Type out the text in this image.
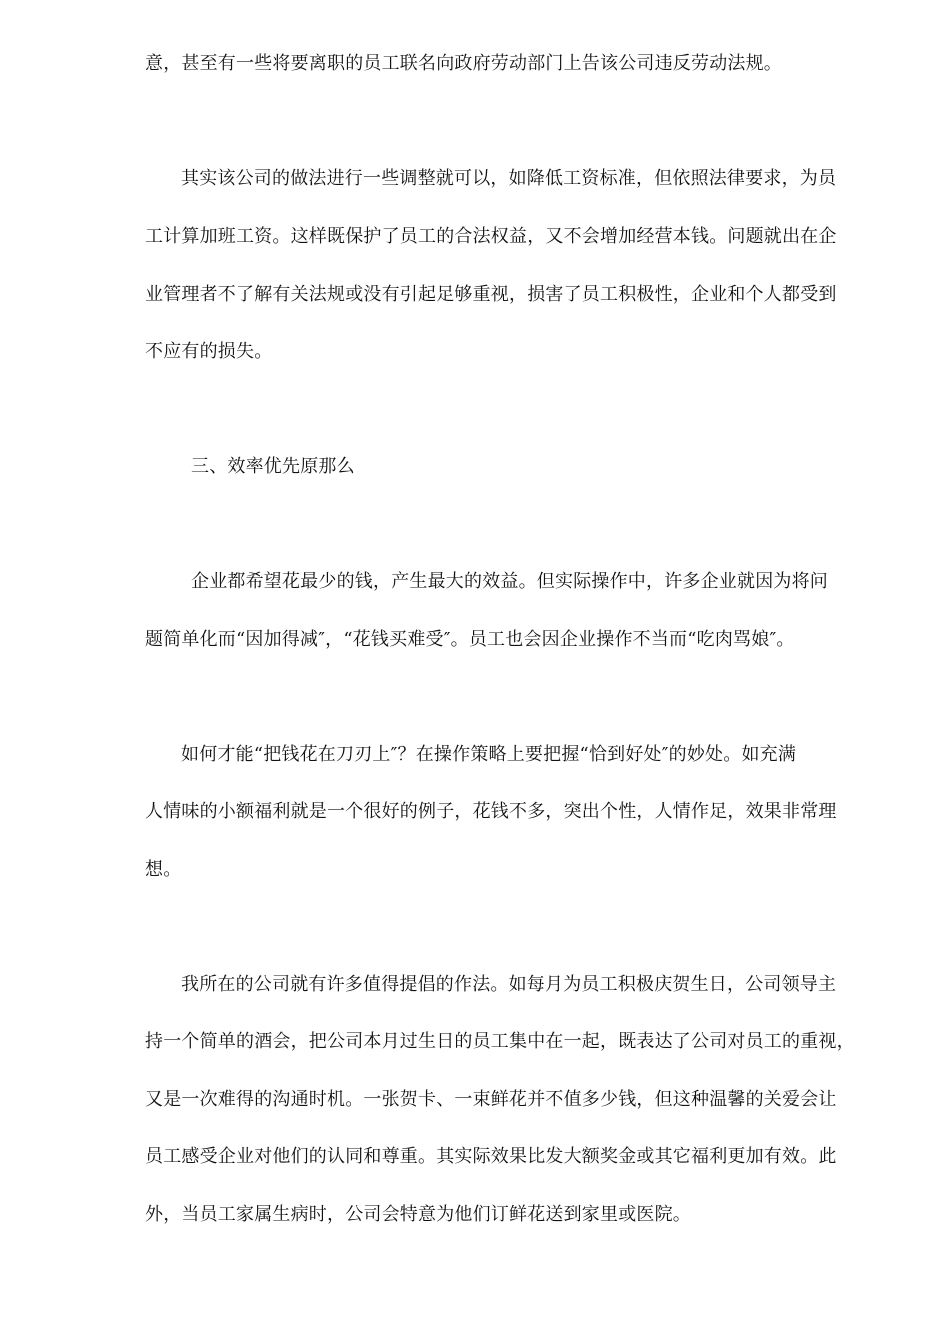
意，甚至有一些将要离职的员工联名向政府劳动部门上告该公司违反劳动法规。
其实该公司的做法进行一些调整就可以，如降低工资标准，但依照法律要求，为员
工计算加班工资。这样既保护了员工的合法权益，又不会增加经营本钱。问题就出在企
业管理者不了解有关法规或没有引起足够重视，损害了员工积极性，企业和个人都受到
不应有的损失。
三、效率优先原那么
企业都希望花最少的钱，产生最大的效益。但实际操作中，许多企业就因为将问
题简单化而“因加得减″，“花钱买难受″。员工也会因企业操作不当而“吃肉骂娘″。
如何才能“把钱花在刀刃上″？在操作策略上要把握“恰到好处″的妙处。如充满
人情味的小额福利就是一个很好的例子，花钱不多，突出个性，人情作足，效果非常理
想。
我所在的公司就有许多值得提倡的作法。如每月为员工积极庆贺生日，公司领导主
持一个简单的酒会，把公司本月过生日的员工集中在一起，既表达了公司对员工的重视，
又是一次难得的沟通时机。一张贺卡、一束鲜花并不值多少钱，但这种温馨的关爱会让
员工感受企业对他们的认同和尊重。其实际效果比发大额奖金或其它福利更加有效。此
外，当员工家属生病时，公司会特意为他们订鲜花送到家里或医院。
